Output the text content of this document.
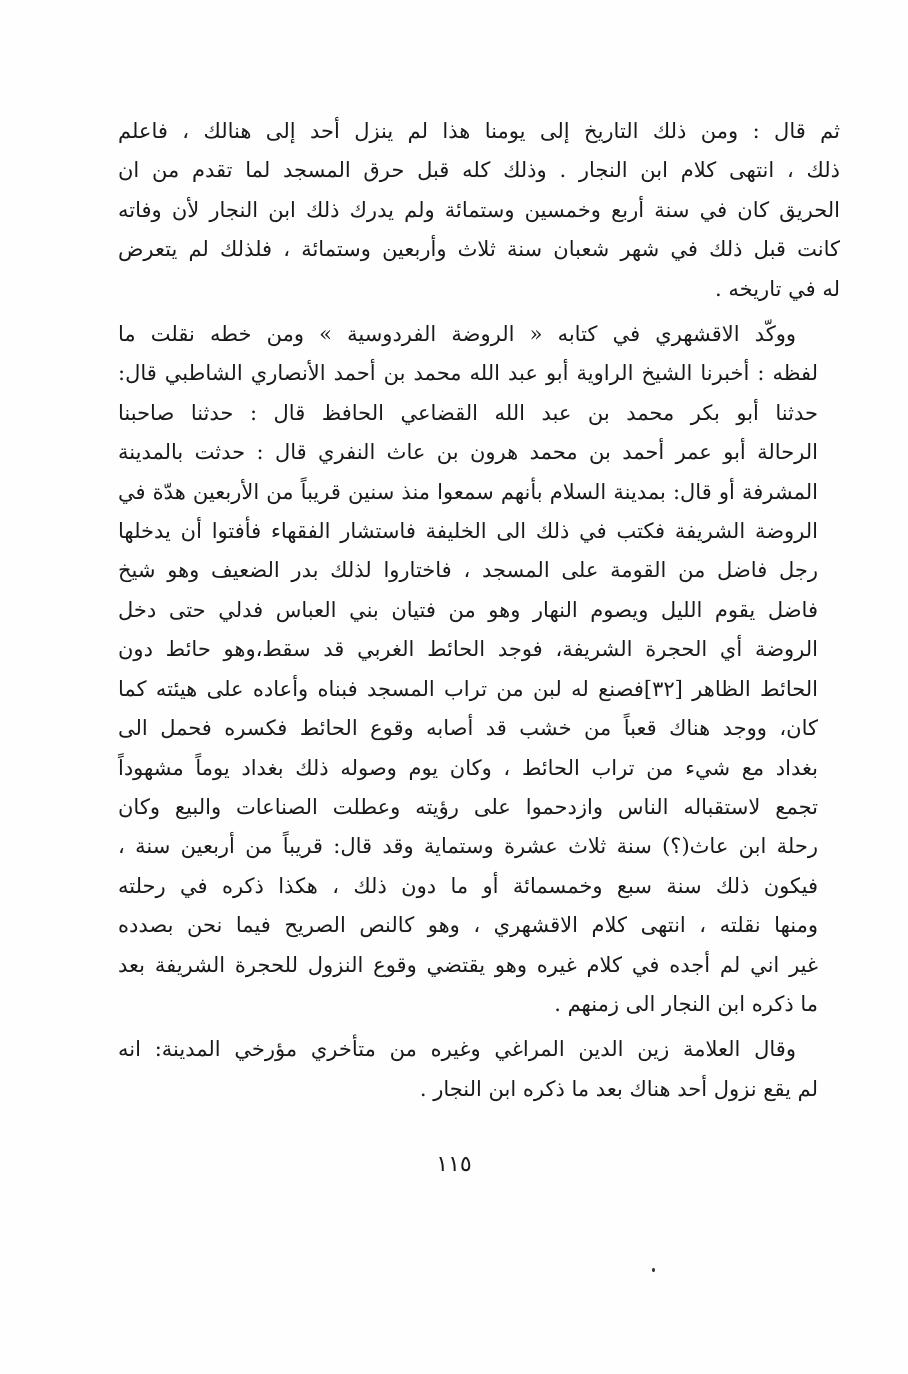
ثم قال : ومن ذلك التاريخ إلى يومنا هذا لم ينزل أحد إلى هنالك ، فاعلم
ذلك ، انتهى كلام ابن النجار . وذلك كله قبل حرق المسجد لما تقدم من ان
الحريق كان في سنة أربع وخمسين وستمائة ولم يدرك ذلك ابن النجار لأن وفاته
كانت قبل ذلك في شهر شعبان سنة ثلاث وأربعين وستمائة ، فلذلك لم يتعرض
له في تاريخه .
ووكّد الاقشهري في كتابه « الروضة الفردوسية » ومن خطه نقلت ما
لفظه : أخبرنا الشيخ الراوية أبو عبد الله محمد بن أحمد الأنصاري الشاطبي قال:
حدثنا أبو بكر محمد بن عبد الله القضاعي الحافظ قال : حدثنا صاحبنا
الرحالة أبو عمر أحمد بن محمد هرون بن عاث النفري قال : حدثت بالمدينة
المشرفة أو قال: بمدينة السلام بأنهم سمعوا منذ سنين قريباً من الأربعين هدّة في
الروضة الشريفة فكتب في ذلك الى الخليفة فاستشار الفقهاء فأفتوا أن يدخلها
رجل فاضل من القومة على المسجد ، فاختاروا لذلك بدر الضعيف وهو شيخ
فاضل يقوم الليل ويصوم النهار وهو من فتيان بني العباس فدلي حتى دخل
الروضة أي الحجرة الشريفة، فوجد الحائط الغربي قد سقط،وهو حائط دون
الحائط الظاهر [٣٢]فصنع له لبن من تراب المسجد فبناه وأعاده على هيئته كما
كان، ووجد هناك قعباً من خشب قد أصابه وقوع الحائط فكسره فحمل الى
بغداد مع شيء من تراب الحائط ، وكان يوم وصوله ذلك بغداد يوماً مشهوداً
تجمع لاستقباله الناس وازدحموا على رؤيته وعطلت الصناعات والبيع وكان
رحلة ابن عاث(؟) سنة ثلاث عشرة وستماية وقد قال: قريباً من أربعين سنة ،
فيكون ذلك سنة سبع وخمسمائة أو ما دون ذلك ، هكذا ذكره في رحلته
ومنها نقلته ، انتهى كلام الاقشهري ، وهو كالنص الصريح فيما نحن بصدده
غير اني لم أجده في كلام غيره وهو يقتضي وقوع النزول للحجرة الشريفة بعد
ما ذكره ابن النجار الى زمنهم .
وقال العلامة زين الدين المراغي وغيره من متأخري مؤرخي المدينة: انه
لم يقع نزول أحد هناك بعد ما ذكره ابن النجار .
١١٥
